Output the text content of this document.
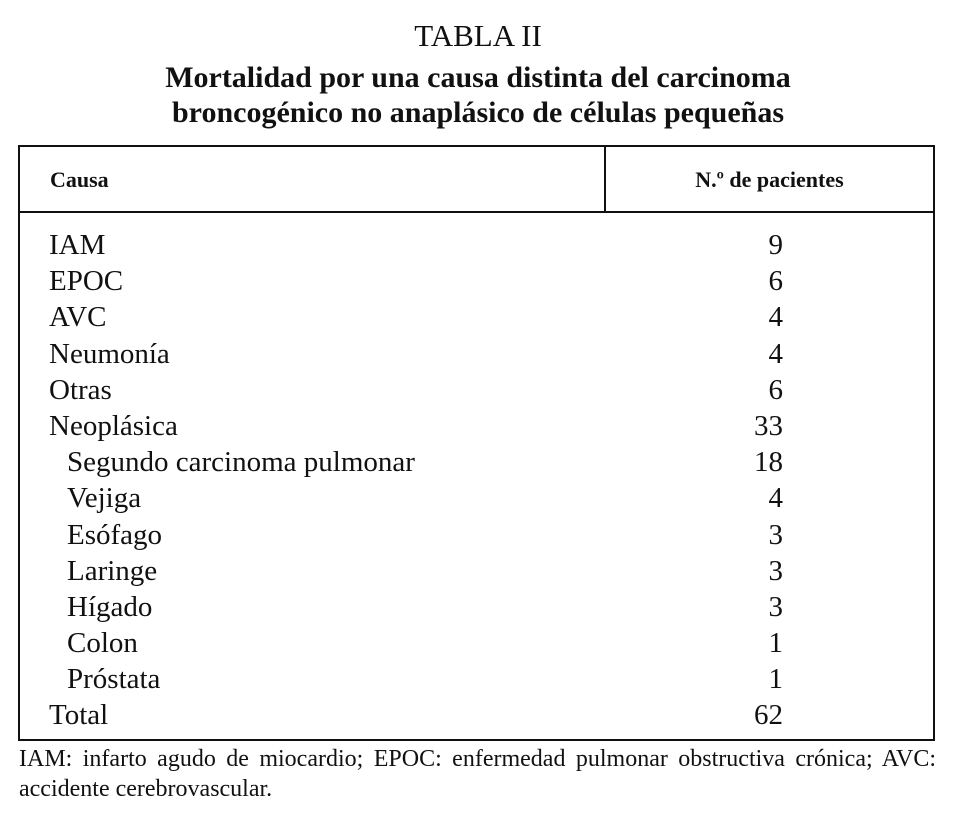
TABLA II
Mortalidad por una causa distinta del carcinoma
broncogénico no anaplásico de células pequeñas
Causa	N.º de pacientes
IAM	9
EPOC	6
AVC	4
Neumonía	4
Otras	6
Neoplásica	33
Segundo carcinoma pulmonar	18
Vejiga	4
Esófago	3
Laringe	3
Hígado	3
Colon	1
Próstata	1
Total	62
IAM: infarto agudo de miocardio; EPOC: enfermedad pulmonar obstructiva crónica; AVC: accidente cerebrovascular.
